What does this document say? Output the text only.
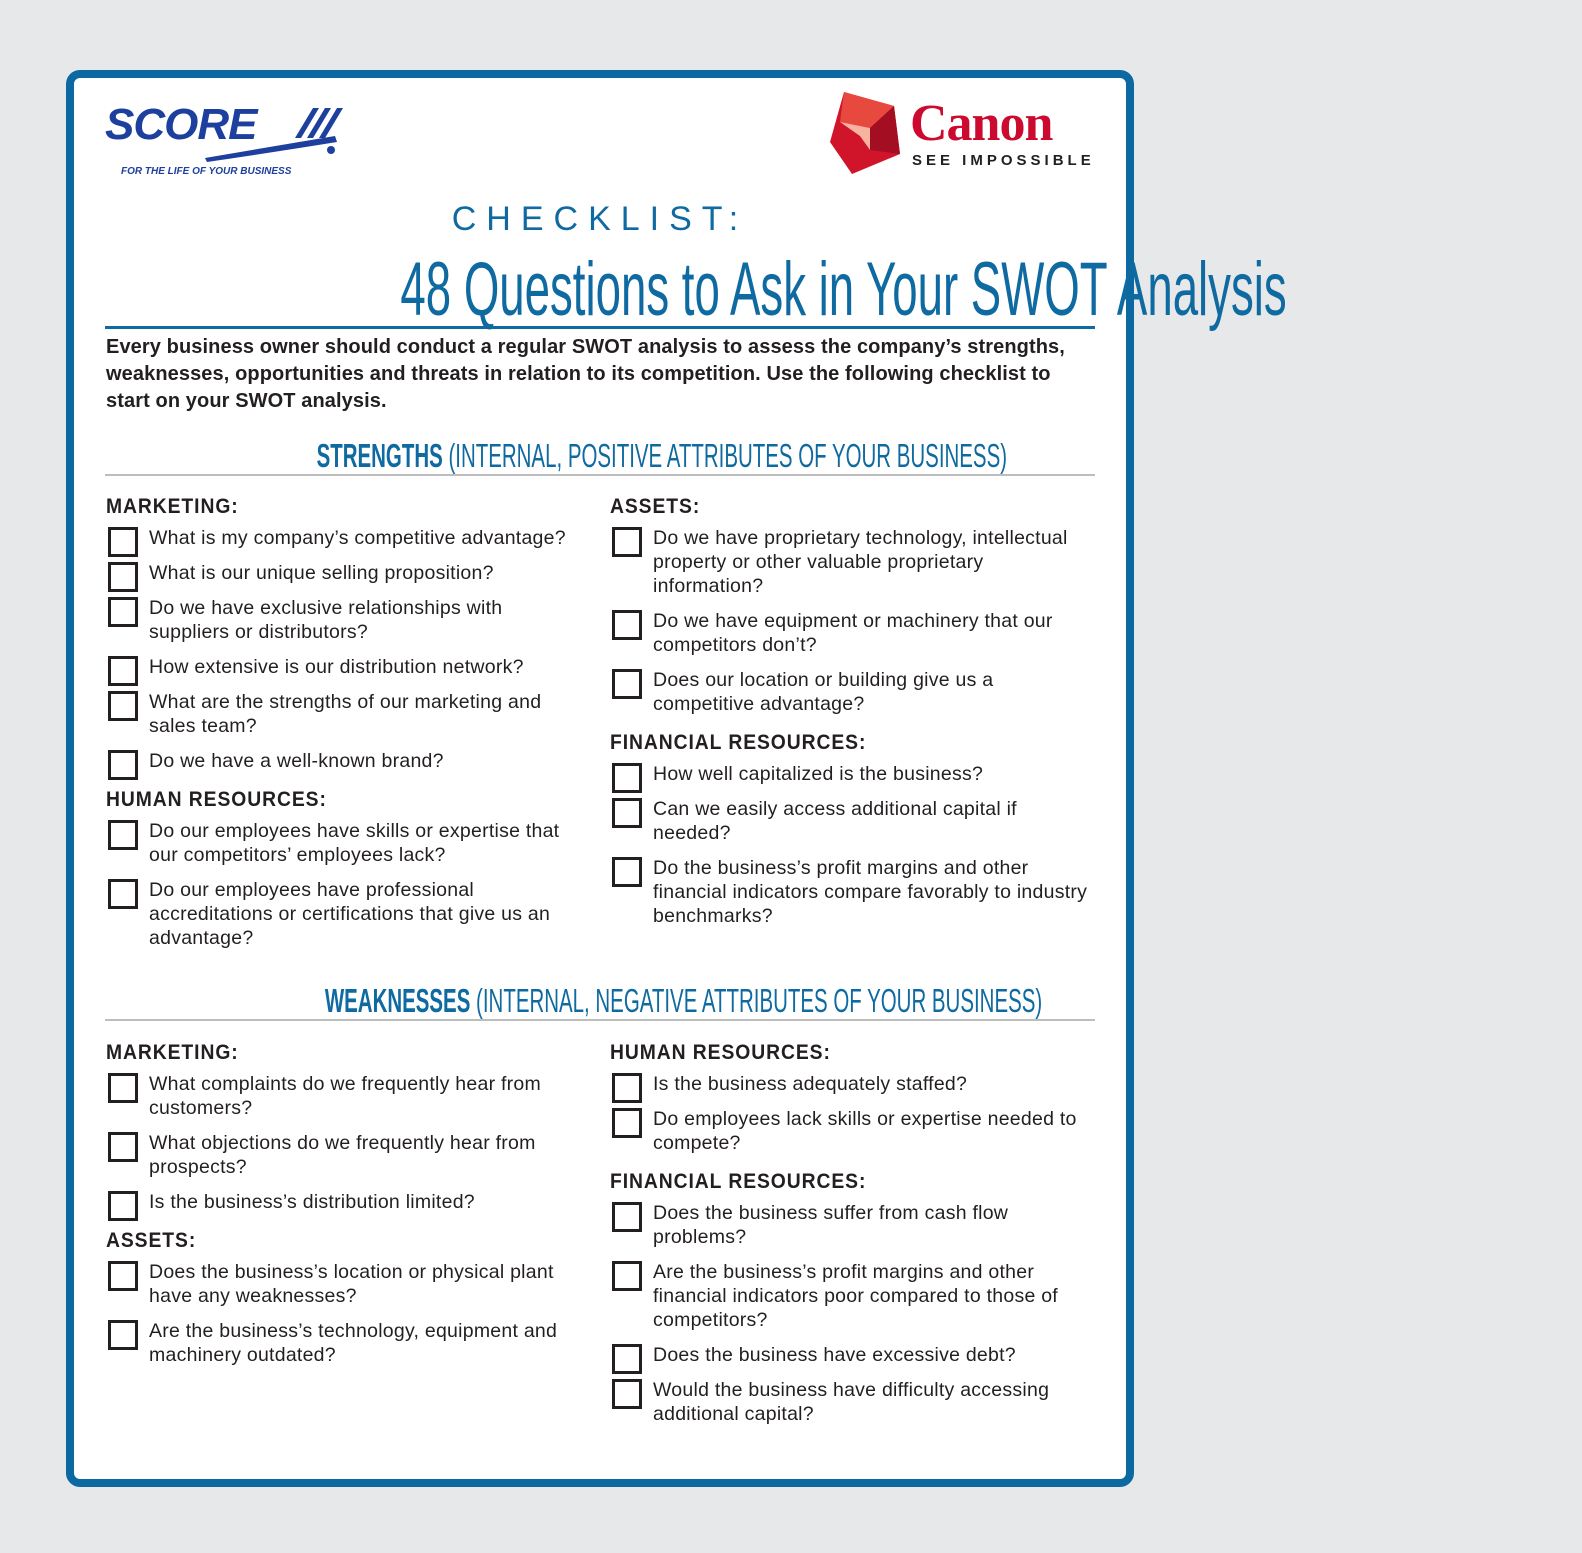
SCORE
FOR THE LIFE OF YOUR BUSINESS
Canon
SEE IMPOSSIBLE
CHECKLIST:
48 Questions to Ask in Your SWOT Analysis
Every business owner should conduct a regular SWOT analysis to assess the company’s strengths, weaknesses, opportunities and threats in relation to its competition. Use the following checklist to start on your SWOT analysis.
STRENGTHS (INTERNAL, POSITIVE ATTRIBUTES OF YOUR BUSINESS)
MARKETING:
What is my company’s competitive advantage?
What is our unique selling proposition?
Do we have exclusive relationships with suppliers or distributors?
How extensive is our distribution network?
What are the strengths of our marketing and sales team?
Do we have a well-known brand?
HUMAN RESOURCES:
Do our employees have skills or expertise that our competitors’ employees lack?
Do our employees have professional accreditations or certifications that give us an advantage?
ASSETS:
Do we have proprietary technology, intellectual property or other valuable proprietary information?
Do we have equipment or machinery that our competitors don’t?
Does our location or building give us a competitive advantage?
FINANCIAL RESOURCES:
How well capitalized is the business?
Can we easily access additional capital if needed?
Do the business’s profit margins and other financial indicators compare favorably to industry benchmarks?
WEAKNESSES (INTERNAL, NEGATIVE ATTRIBUTES OF YOUR BUSINESS)
MARKETING:
What complaints do we frequently hear from customers?
What objections do we frequently hear from prospects?
Is the business’s distribution limited?
ASSETS:
Does the business’s location or physical plant have any weaknesses?
Are the business’s technology, equipment and machinery outdated?
HUMAN RESOURCES:
Is the business adequately staffed?
Do employees lack skills or expertise needed to compete?
FINANCIAL RESOURCES:
Does the business suffer from cash flow problems?
Are the business’s profit margins and other financial indicators poor compared to those of competitors?
Does the business have excessive debt?
Would the business have difficulty accessing additional capital?
